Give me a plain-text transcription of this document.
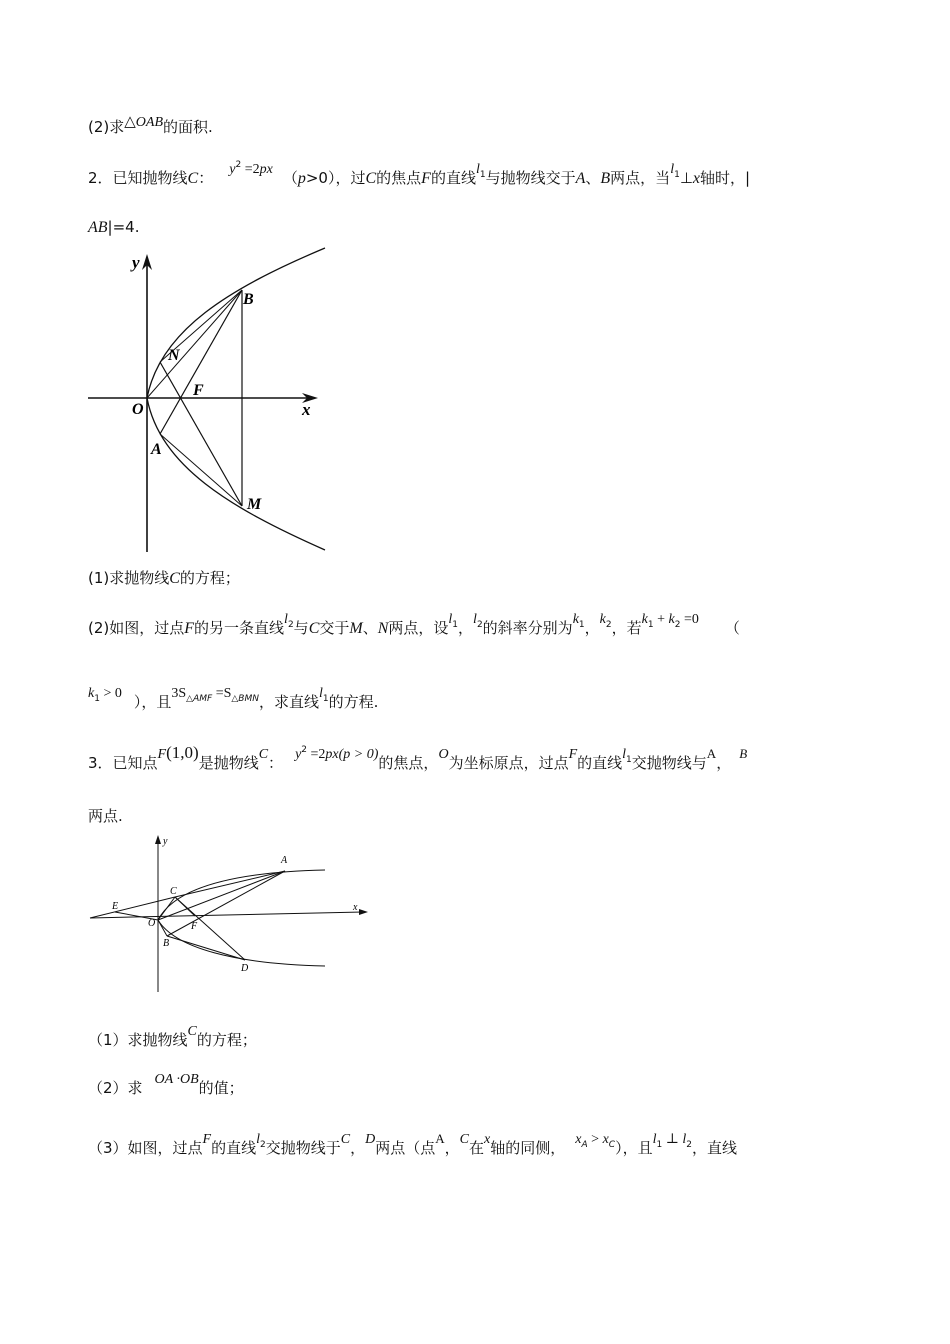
(2)求△OAB的面积.
2．已知抛物线C： $y^2 =2px$ （p>0），过C的焦点F的直线$l^1$与抛物线交于A、B两点，当$l^1\perp x$轴时，|
AB|=4.
y
x
O
F
N
A
B
M
(1)求抛物线C的方程；
(2)如图，过点F的另一条直线$l^2$与C交于M、N两点，设$l^1$，$l^2$的斜率分别为$k^1$，$k^2$，若$k^1 + k^2 =0$ （
$k^1 > 0$ ），且$3S^{\triangle AMF} =S^{\triangle BMN}$，求直线$l^1$的方程.
3．已知点F(1,0)是抛物线C： $y^2 =2px(p > 0)$的焦点，O为坐标原点，过点F的直线$l^1$交抛物线与A，B
两点.
y
x
E
C
A
O	F
B
D
（1）求抛物线C的方程；
（2）求 OA ·OB的值；
（3）如图，过点F的直线$l^2$交抛物线于C，D两点（点A，C在x轴的同侧， $x^A > x^C$），且$l^1$ ⊥ $l^2$，直线
